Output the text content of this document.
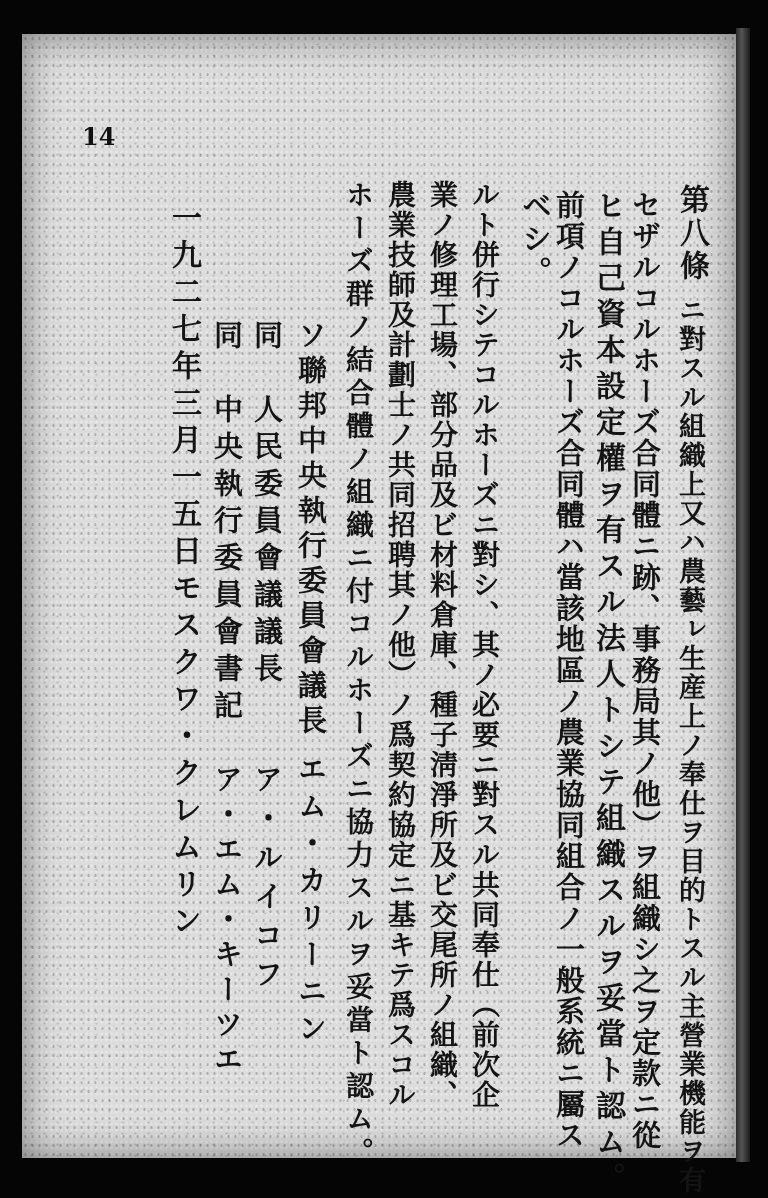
14
第八條
ニ對スル組織上又ハ農藝ㇾ生産上ノ奉仕ヲ目的トスル主營業機能ヲ有
セザルコルホーズ合同體ニ跡、事務局其ノ他）ヲ組織シ之ヲ定款ニ從
ヒ自己資本設定權ヲ有スル法人トシテ組織スルヲ妥當ト認ム。
前項ノコルホーズ合同體ハ當該地區ノ農業協同組合ノ一般系統ニ屬ス
ベシ。
ルト併行シテコルホーズニ對シ、其ノ必要ニ對スル共同奉仕（前次企
業ノ修理工場、部分品及ビ材料倉庫、種子淸淨所及ビ交尾所ノ組織、
農業技師及計劃士ノ共同招聘其ノ他）ノ爲契約協定ニ基キテ爲スコル
ホーズ群ノ結合體ノ組織ニ付コルホーズニ協力スルヲ妥當ト認ム。
ソ聯邦中央執行委員會議長
エム・カリーニン
同　人民委員會議議長
ア・ルイコフ
同　中央執行委員會書記
ア・エム・キーツエ
一九二七年三月一五日モスクワ・クレムリン
